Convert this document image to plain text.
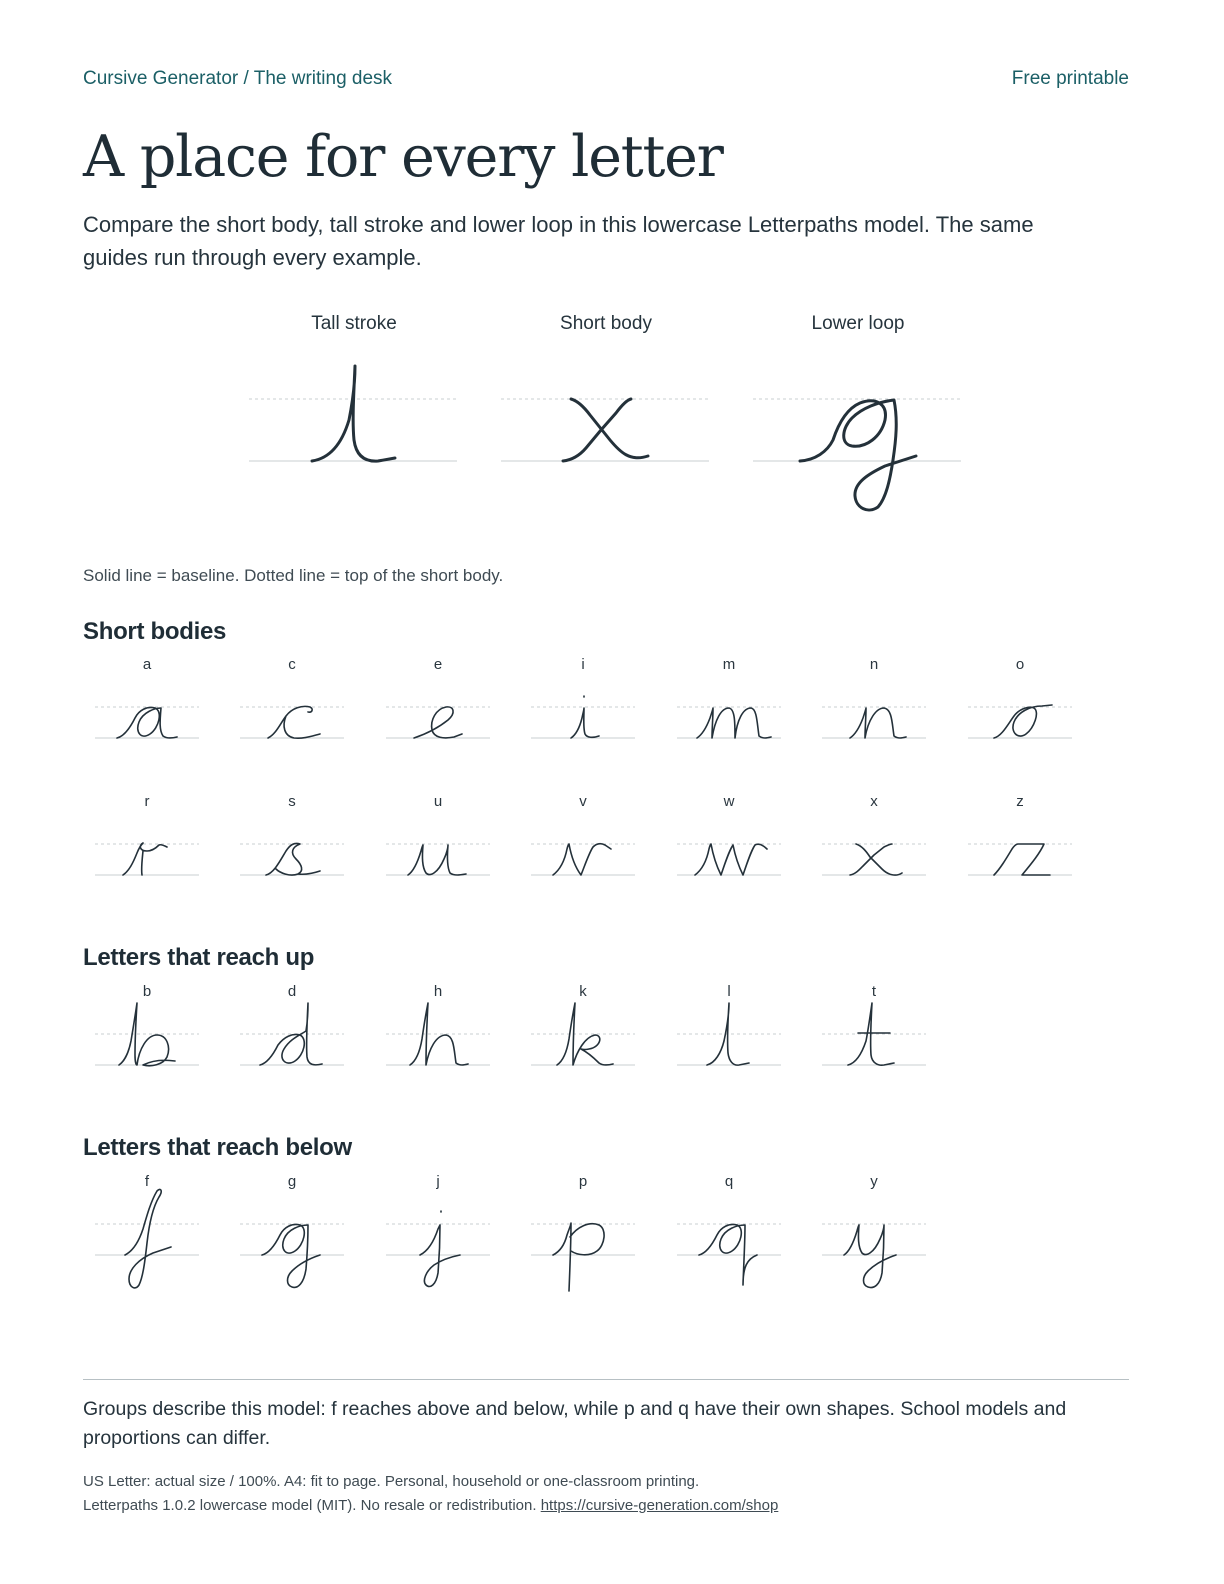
Cursive Generator / The writing desk	Free printable
A place for every letter

Compare the short body, tall stroke and lower loop in this lowercase Letterpaths model. The same guides run through every example.

Tall stroke	Short body	Lower loop
Solid line = baseline. Dotted line = top of the short body.
Short bodies
Letters that reach up
Letters that reach below
a	c	e	i	m	n	o
r	s	u	v	w	x	z
b	d	h	k	l	t
f	g	j	p	q	y

Groups describe this model: f reaches above and below, while p and q have their own shapes. School models and proportions can differ.

US Letter: actual size / 100%. A4: fit to page. Personal, household or one-classroom printing.
Letterpaths 1.0.2 lowercase model (MIT). No resale or redistribution. https://cursive-generation.com/shop
